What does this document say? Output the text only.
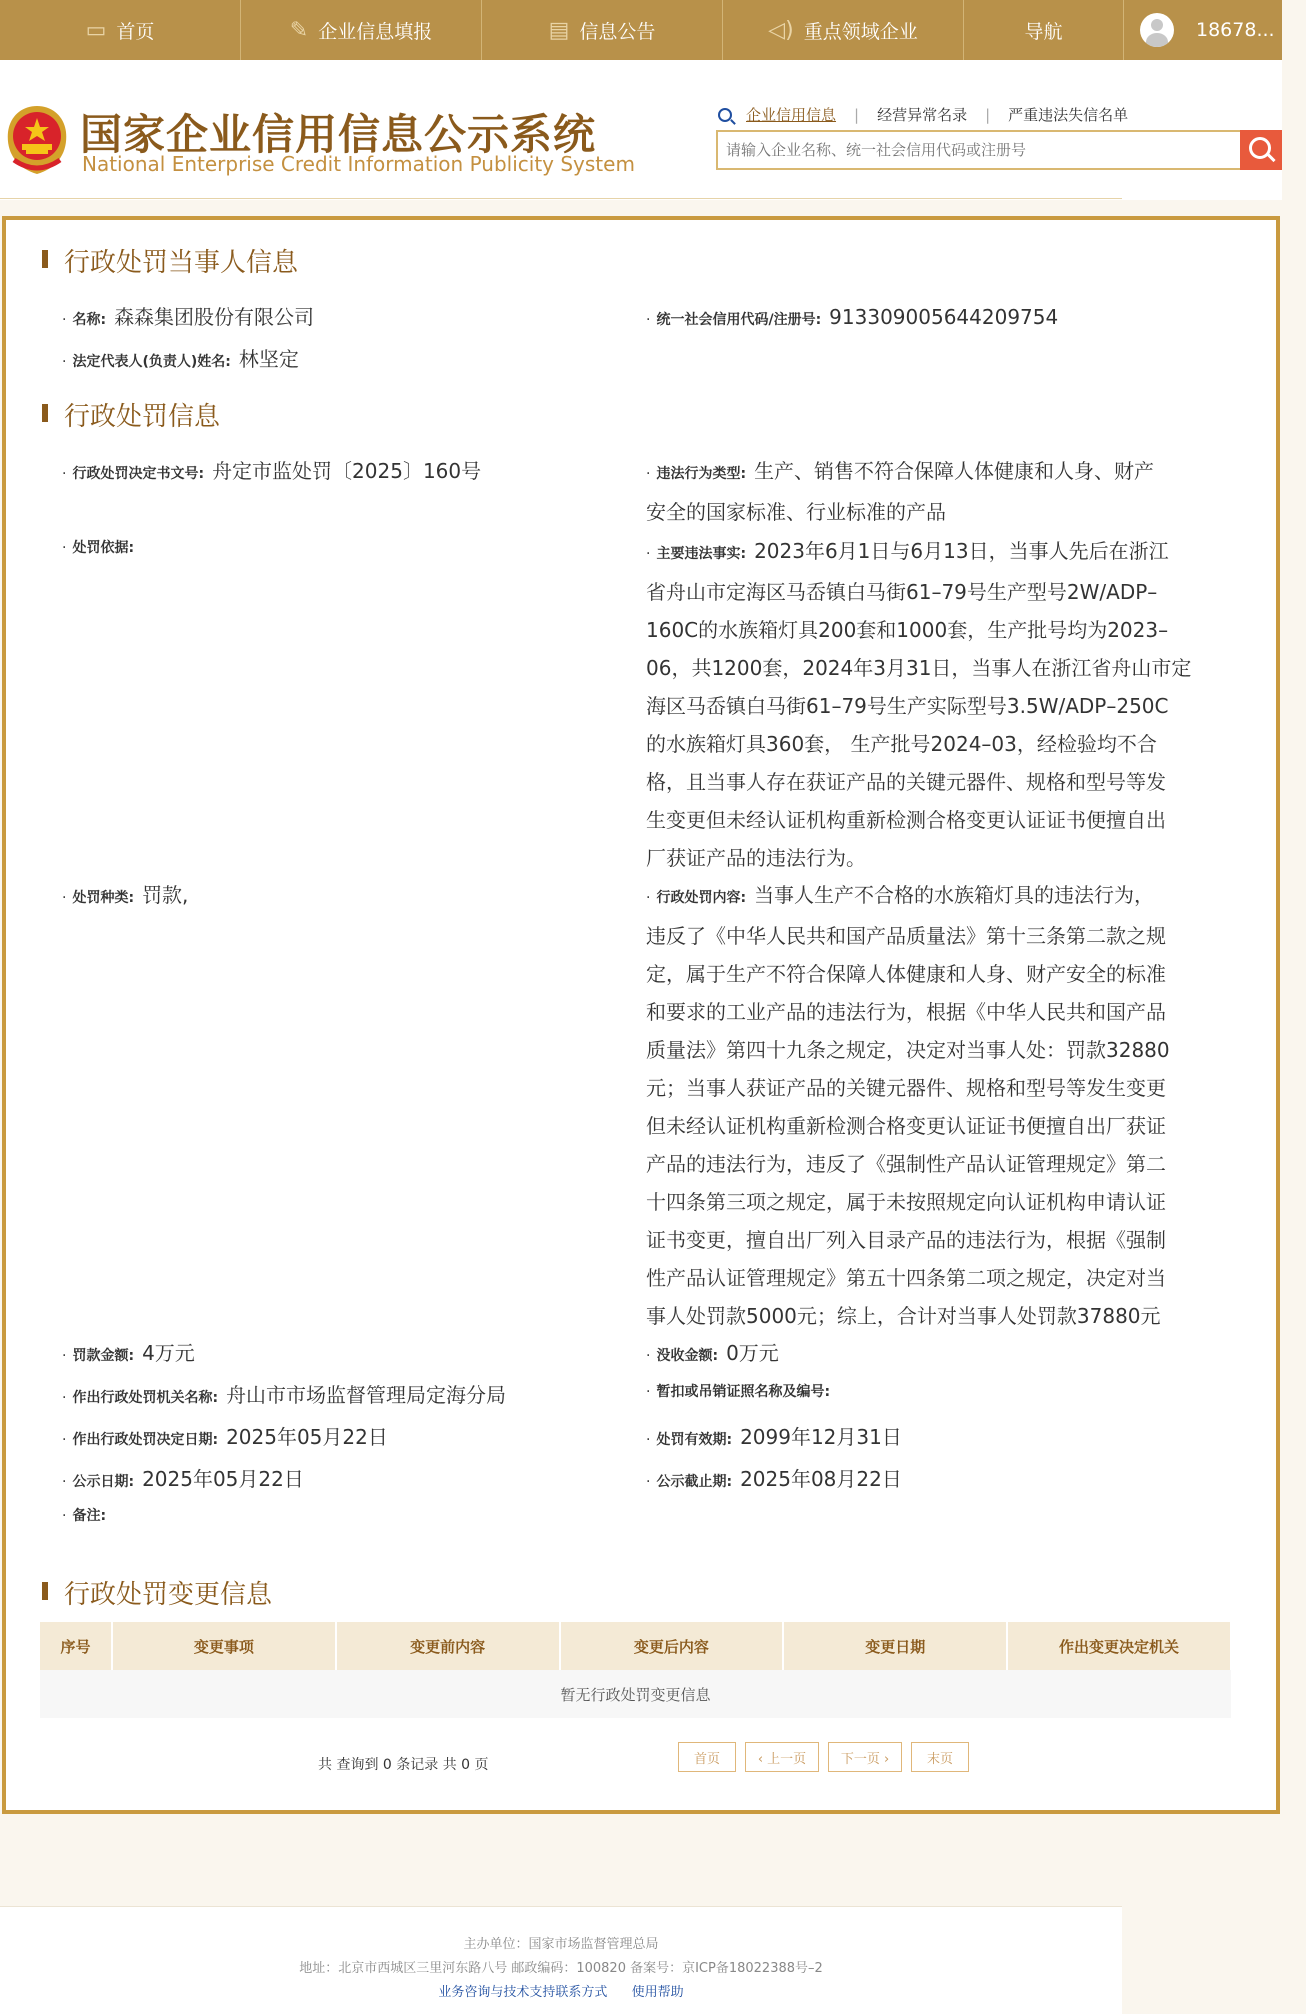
▭ 首页	✎ 企业信息填报	▤ 信息公告	◁) 重点领域企业	导航	18678...
国家企业信用信息公示系统
National Enterprise Credit Information Publicity System
企业信用信息 | 经营异常名录 | 严重违法失信名单
请输入企业名称、统一社会信用代码或注册号
行政处罚当事人信息
· 名称: 森森集团股份有限公司	· 统一社会信用代码/注册号: 913309005644209754
· 法定代表人(负责人)姓名: 林坚定
行政处罚信息
· 行政处罚决定书文号: 舟定市监处罚〔2025〕160号	· 违法行为类型: 生产、销售不符合保障人体健康和人身、财产
安全的国家标准、行业标准的产品
· 处罚依据:	· 主要违法事实: 2023年6月1日与6月13日，当事人先后在浙江
省舟山市定海区马岙镇白马街61–79号生产型号2W/ADP–
160C的水族箱灯具200套和1000套，生产批号均为2023–
06，共1200套，2024年3月31日，当事人在浙江省舟山市定
海区马岙镇白马街61–79号生产实际型号3.5W/ADP–250C
的水族箱灯具360套， 生产批号2024–03，经检验均不合
格，且当事人存在获证产品的关键元器件、规格和型号等发
生变更但未经认证机构重新检测合格变更认证证书便擅自出
厂获证产品的违法行为。
· 处罚种类: 罚款,	· 行政处罚内容: 当事人生产不合格的水族箱灯具的违法行为，
违反了《中华人民共和国产品质量法》第十三条第二款之规
定，属于生产不符合保障人体健康和人身、财产安全的标准
和要求的工业产品的违法行为，根据《中华人民共和国产品
质量法》第四十九条之规定，决定对当事人处：罚款32880
元；当事人获证产品的关键元器件、规格和型号等发生变更
但未经认证机构重新检测合格变更认证证书便擅自出厂获证
产品的违法行为，违反了《强制性产品认证管理规定》第二
十四条第三项之规定，属于未按照规定向认证机构申请认证
证书变更，擅自出厂列入目录产品的违法行为，根据《强制
性产品认证管理规定》第五十四条第二项之规定，决定对当
事人处罚款5000元；综上，合计对当事人处罚款37880元
· 罚款金额: 4万元	· 没收金额: 0万元
· 作出行政处罚机关名称: 舟山市市场监督管理局定海分局	· 暂扣或吊销证照名称及编号:
· 作出行政处罚决定日期: 2025年05月22日	· 处罚有效期: 2099年12月31日
· 公示日期: 2025年05月22日	· 公示截止期: 2025年08月22日
· 备注:
行政处罚变更信息
序号	变更事项	变更前内容	变更后内容	变更日期	作出变更决定机关
暂无行政处罚变更信息
共 查询到 0 条记录 共 0 页	首页	‹ 上一页	下一页 ›	末页
主办单位：国家市场监督管理总局
地址：北京市西城区三里河东路八号 邮政编码：100820 备案号：京ICP备18022388号–2
业务咨询与技术支持联系方式 使用帮助
